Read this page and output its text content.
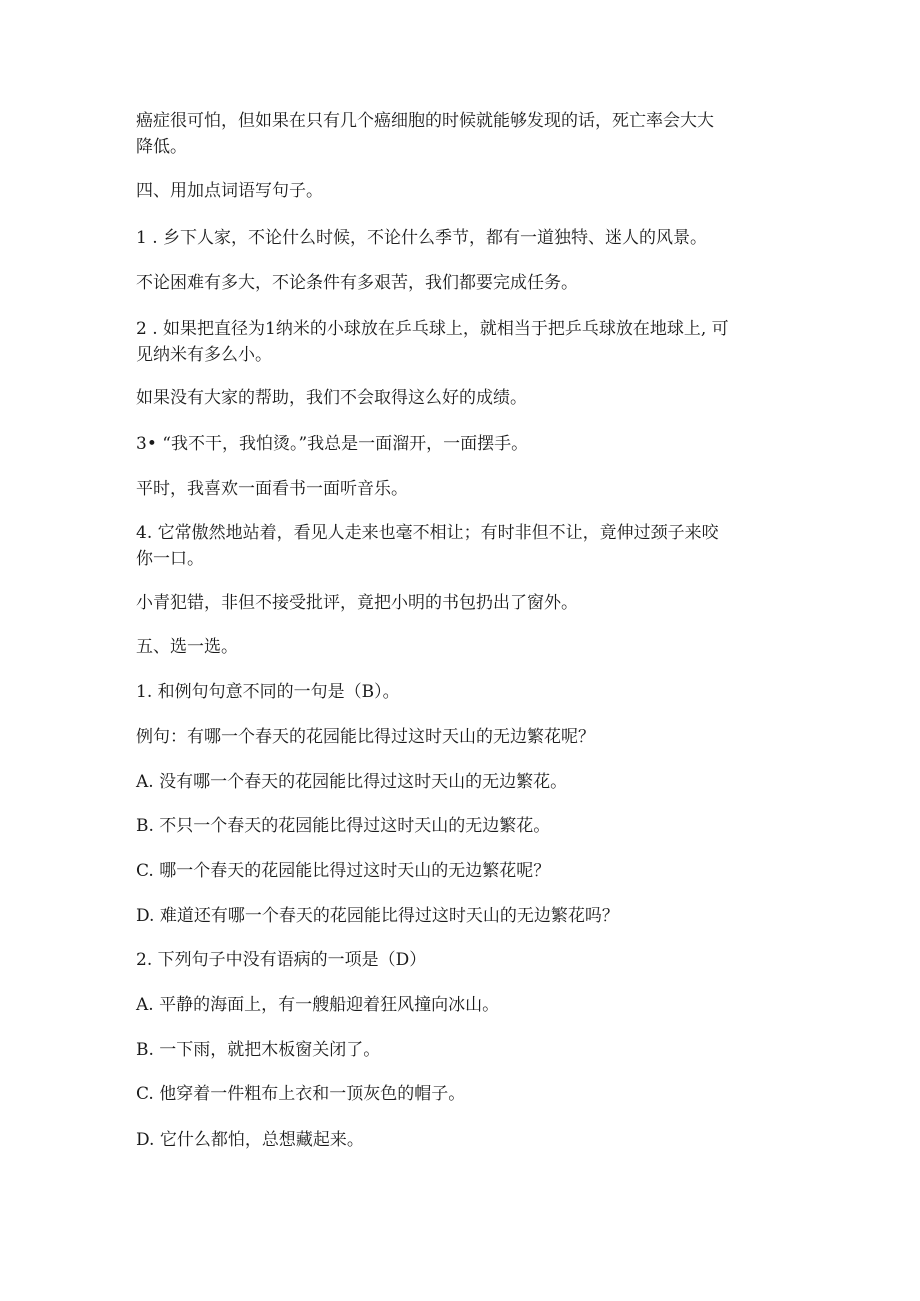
癌症很可怕，但如果在只有几个癌细胞的时候就能够发现的话，死亡率会大大

降低。

四、用加点词语写句子。

1 . 乡下人家，不论什么时候，不论什么季节，都有一道独特、迷人的风景。

不论困难有多大，不论条件有多艰苦，我们都要完成任务。

2 . 如果把直径为1纳米的小球放在乒乓球上，就相当于把乒乓球放在地球上, 可

见纳米有多么小。

如果没有大家的帮助，我们不会取得这么好的成绩。

3• “我不干，我怕烫。”我总是一面溜开，一面摆手。

平时，我喜欢一面看书一面听音乐。

4. 它常傲然地站着，看见人走来也毫不相让；有时非但不让，竟伸过颈子来咬

你一口。

小青犯错，非但不接受批评，竟把小明的书包扔出了窗外。

五、选一选。

1. 和例句句意不同的一句是（B）。

例句：有哪一个春天的花园能比得过这时天山的无边繁花呢？

A. 没有哪一个春天的花园能比得过这时天山的无边繁花。

B. 不只一个春天的花园能比得过这时天山的无边繁花。

C. 哪一个春天的花园能比得过这时天山的无边繁花呢？

D. 难道还有哪一个春天的花园能比得过这时天山的无边繁花吗？

2. 下列句子中没有语病的一项是（D）

A. 平静的海面上，有一艘船迎着狂风撞向冰山。

B. 一下雨，就把木板窗关闭了。

C. 他穿着一件粗布上衣和一顶灰色的帽子。

D. 它什么都怕，总想藏起来。
